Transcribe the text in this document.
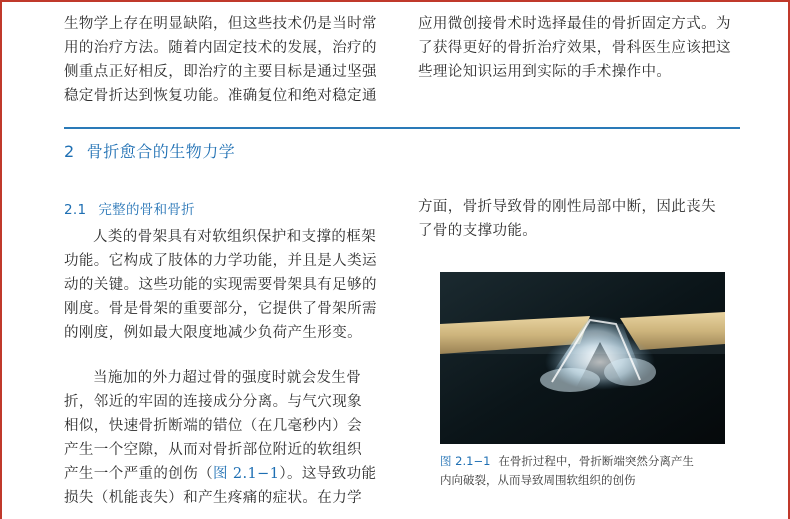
生物学上存在明显缺陷，但这些技术仍是当时常

用的治疗方法。随着内固定技术的发展，治疗的

侧重点正好相反，即治疗的主要目标是通过坚强

稳定骨折达到恢复功能。准确复位和绝对稳定通

应用微创接骨术时选择最佳的骨折固定方式。为

了获得更好的骨折治疗效果，骨科医生应该把这

些理论知识运用到实际的手术操作中。

2 骨折愈合的生物力学
2.1 完整的骨和骨折

人类的骨架具有对软组织保护和支撑的框架

功能。它构成了肢体的力学功能，并且是人类运

动的关键。这些功能的实现需要骨架具有足够的

刚度。骨是骨架的重要部分，它提供了骨架所需

的刚度，例如最大限度地减少负荷产生形变。

当施加的外力超过骨的强度时就会发生骨

折，邻近的牢固的连接成分分离。与气穴现象

相似，快速骨折断端的错位（在几毫秒内）会

产生一个空隙，从而对骨折部位附近的软组织

产生一个严重的创伤（图 2.1−1）。这导致功能

损失（机能丧失）和产生疼痛的症状。在力学

方面，骨折导致骨的刚性局部中断，因此丧失

了骨的支撑功能。

图 2.1−1 在骨折过程中，骨折断端突然分离产生
内向破裂，从而导致周围软组织的创伤
